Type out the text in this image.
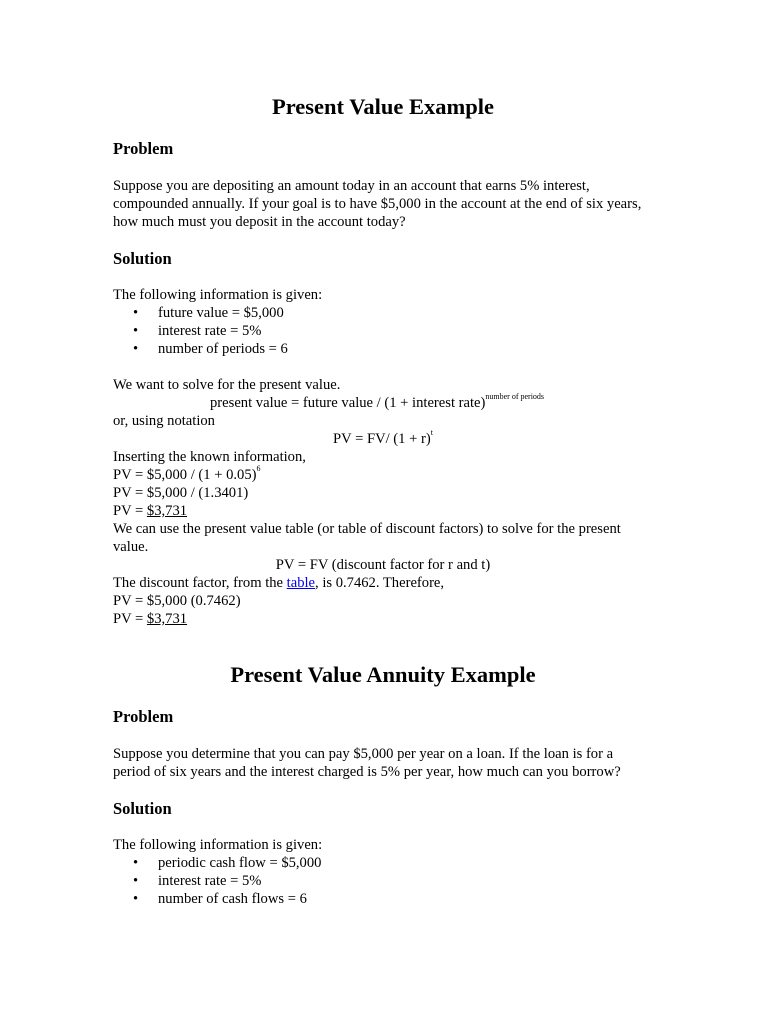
Present Value Example
Problem

Suppose you are depositing an amount today in an account that earns 5% interest, compounded annually. If your goal is to have $5,000 in the account at the end of six years, how much must you deposit in the account today?

Solution

The following information is given:

• future value = $5,000
• interest rate = 5%
• number of periods = 6

We want to solve for the present value.

present value = future value / (1 + interest rate)$^{number of periods}$

or, using notation

PV = FV/ $(1 + r)^t$

Inserting the known information,

PV = $5,000 / $(1 + 0.05)^6$

PV = $5,000 / (1.3401)

PV = $3,731

We can use the present value table (or table of discount factors) to solve for the present value.

PV = FV (discount factor for r and t)

The discount factor, from the table, is 0.7462. Therefore,

PV = $5,000 (0.7462)

PV = $3,731

Present Value Annuity Example
Problem

Suppose you determine that you can pay $5,000 per year on a loan. If the loan is for a period of six years and the interest charged is 5% per year, how much can you borrow?

Solution

The following information is given:

• periodic cash flow = $5,000
• interest rate = 5%
• number of cash flows = 6
